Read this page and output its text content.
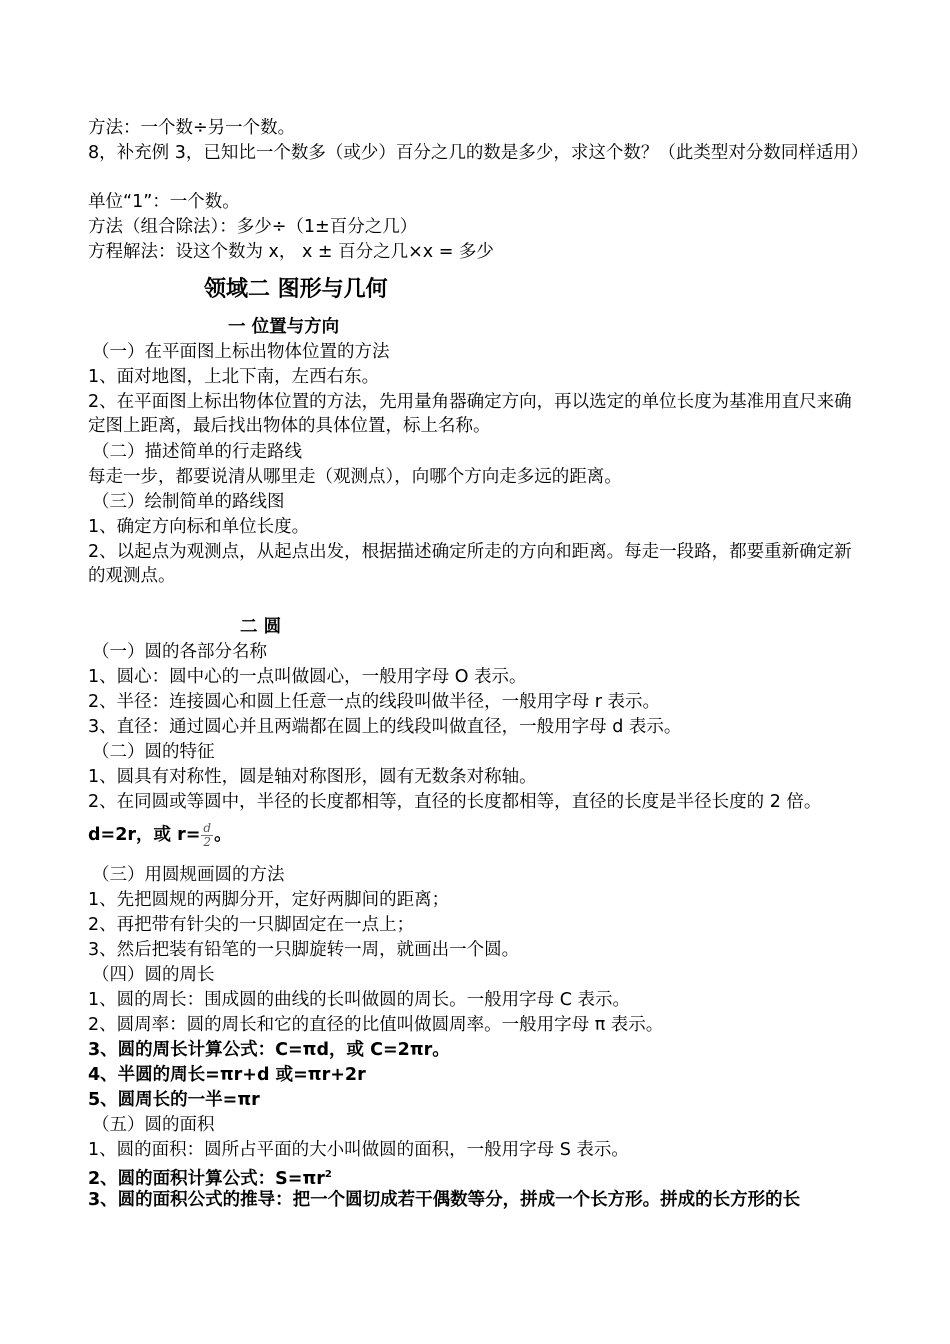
方法：一个数÷另一个数。
8，补充例 3，已知比一个数多（或少）百分之几的数是多少，求这个数？（此类型对分数同样适用）
单位“1”：一个数。
方法（组合除法）：多少÷（1±百分之几）
方程解法：设这个数为 x， x ± 百分之几×x = 多少
领域二 图形与几何
一 位置与方向
（一）在平面图上标出物体位置的方法
1、面对地图，上北下南，左西右东。
2、在平面图上标出物体位置的方法，先用量角器确定方向，再以选定的单位长度为基准用直尺来确定图上距离，最后找出物体的具体位置，标上名称。
（二）描述简单的行走路线
每走一步，都要说清从哪里走（观测点），向哪个方向走多远的距离。
（三）绘制简单的路线图
1、确定方向标和单位长度。
2、以起点为观测点，从起点出发，根据描述确定所走的方向和距离。每走一段路，都要重新确定新的观测点。
二 圆
（一）圆的各部分名称
1、圆心：圆中心的一点叫做圆心，一般用字母 O 表示。
2、半径：连接圆心和圆上任意一点的线段叫做半径，一般用字母 r 表示。
3、直径：通过圆心并且两端都在圆上的线段叫做直径，一般用字母 d 表示。
（二）圆的特征
1、圆具有对称性，圆是轴对称图形，圆有无数条对称轴。
2、在同圆或等圆中，半径的长度都相等，直径的长度都相等，直径的长度是半径长度的 2 倍。
d=2r，或 $r= \frac{d}{2}$ 。
（三）用圆规画圆的方法
1、先把圆规的两脚分开，定好两脚间的距离；
2、再把带有针尖的一只脚固定在一点上；
3、然后把装有铅笔的一只脚旋转一周，就画出一个圆。
（四）圆的周长
1、圆的周长：围成圆的曲线的长叫做圆的周长。一般用字母 C 表示。
2、圆周率：圆的周长和它的直径的比值叫做圆周率。一般用字母 π 表示。
3、圆的周长计算公式：C=πd，或 C=2πr。
4、半圆的周长=πr+d 或=πr+2r
5、圆周长的一半=πr
（五）圆的面积
1、圆的面积：圆所占平面的大小叫做圆的面积，一般用字母 S 表示。
2、圆的面积计算公式：$S=\pi r^2$
3、圆的面积公式的推导：把一个圆切成若干偶数等分，拼成一个长方形。拼成的长方形的长
